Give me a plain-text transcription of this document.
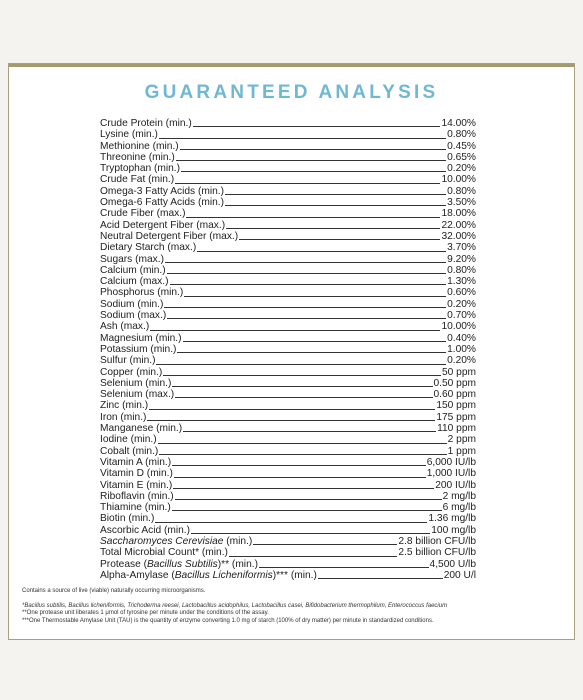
GUARANTEED ANALYSIS
Crude Protein (min.)	14.00%
Lysine (min.)	0.80%
Methionine (min.)	0.45%
Threonine (min.)	0.65%
Tryptophan (min.)	0.20%
Crude Fat (min.)	10.00%
Omega-3 Fatty Acids (min.)	0.80%
Omega-6 Fatty Acids (min.)	3.50%
Crude Fiber (max.)	18.00%
Acid Detergent Fiber (max.)	22.00%
Neutral Detergent Fiber (max.)	32.00%
Dietary Starch (max.)	3.70%
Sugars (max.)	9.20%
Calcium (min.)	0.80%
Calcium (max.)	1.30%
Phosphorus (min.)	0.60%
Sodium (min.)	0.20%
Sodium (max.)	0.70%
Ash (max.)	10.00%
Magnesium (min.)	0.40%
Potassium (min.)	1.00%
Sulfur (min.)	0.20%
Copper (min.)	50 ppm
Selenium (min.)	0.50 ppm
Selenium (max.)	0.60 ppm
Zinc (min.)	150 ppm
Iron (min.)	175 ppm
Manganese (min.)	110 ppm
Iodine (min.)	2 ppm
Cobalt (min.)	1 ppm
Vitamin A (min.)	6,000 IU/lb
Vitamin D (min.)	1,000 IU/lb
Vitamin E (min.)	200 IU/lb
Riboflavin (min.)	2 mg/lb
Thiamine (min.)	6 mg/lb
Biotin (min.)	1.36 mg/lb
Ascorbic Acid (min.)	100 mg/lb
Saccharomyces Cerevisiae (min.)	2.8 billion CFU/lb
Total Microbial Count* (min.)	2.5 billion CFU/lb
Protease (Bacillus Subtilis)** (min.)	4,500 U/lb
Alpha-Amylase (Bacillus Licheniformis)*** (min.)	200 U/l
Contains a source of live (viable) naturally occurring microorganisms.
*Bacillus subtilis, Bacillus licheniformis, Trichoderma reesei, Lactobacillus acidophilus, Lactobacillus casei, Bifidobacterium thermophilum, Enterococcus faecium
**One protease unit liberates 1 μmol of tyrosine per minute under the conditions of the assay.
***One Thermostable Amylase Unit (TAU) is the quantity of enzyme converting 1.0 mg of starch (100% of dry matter) per minute in standardized conditions.
